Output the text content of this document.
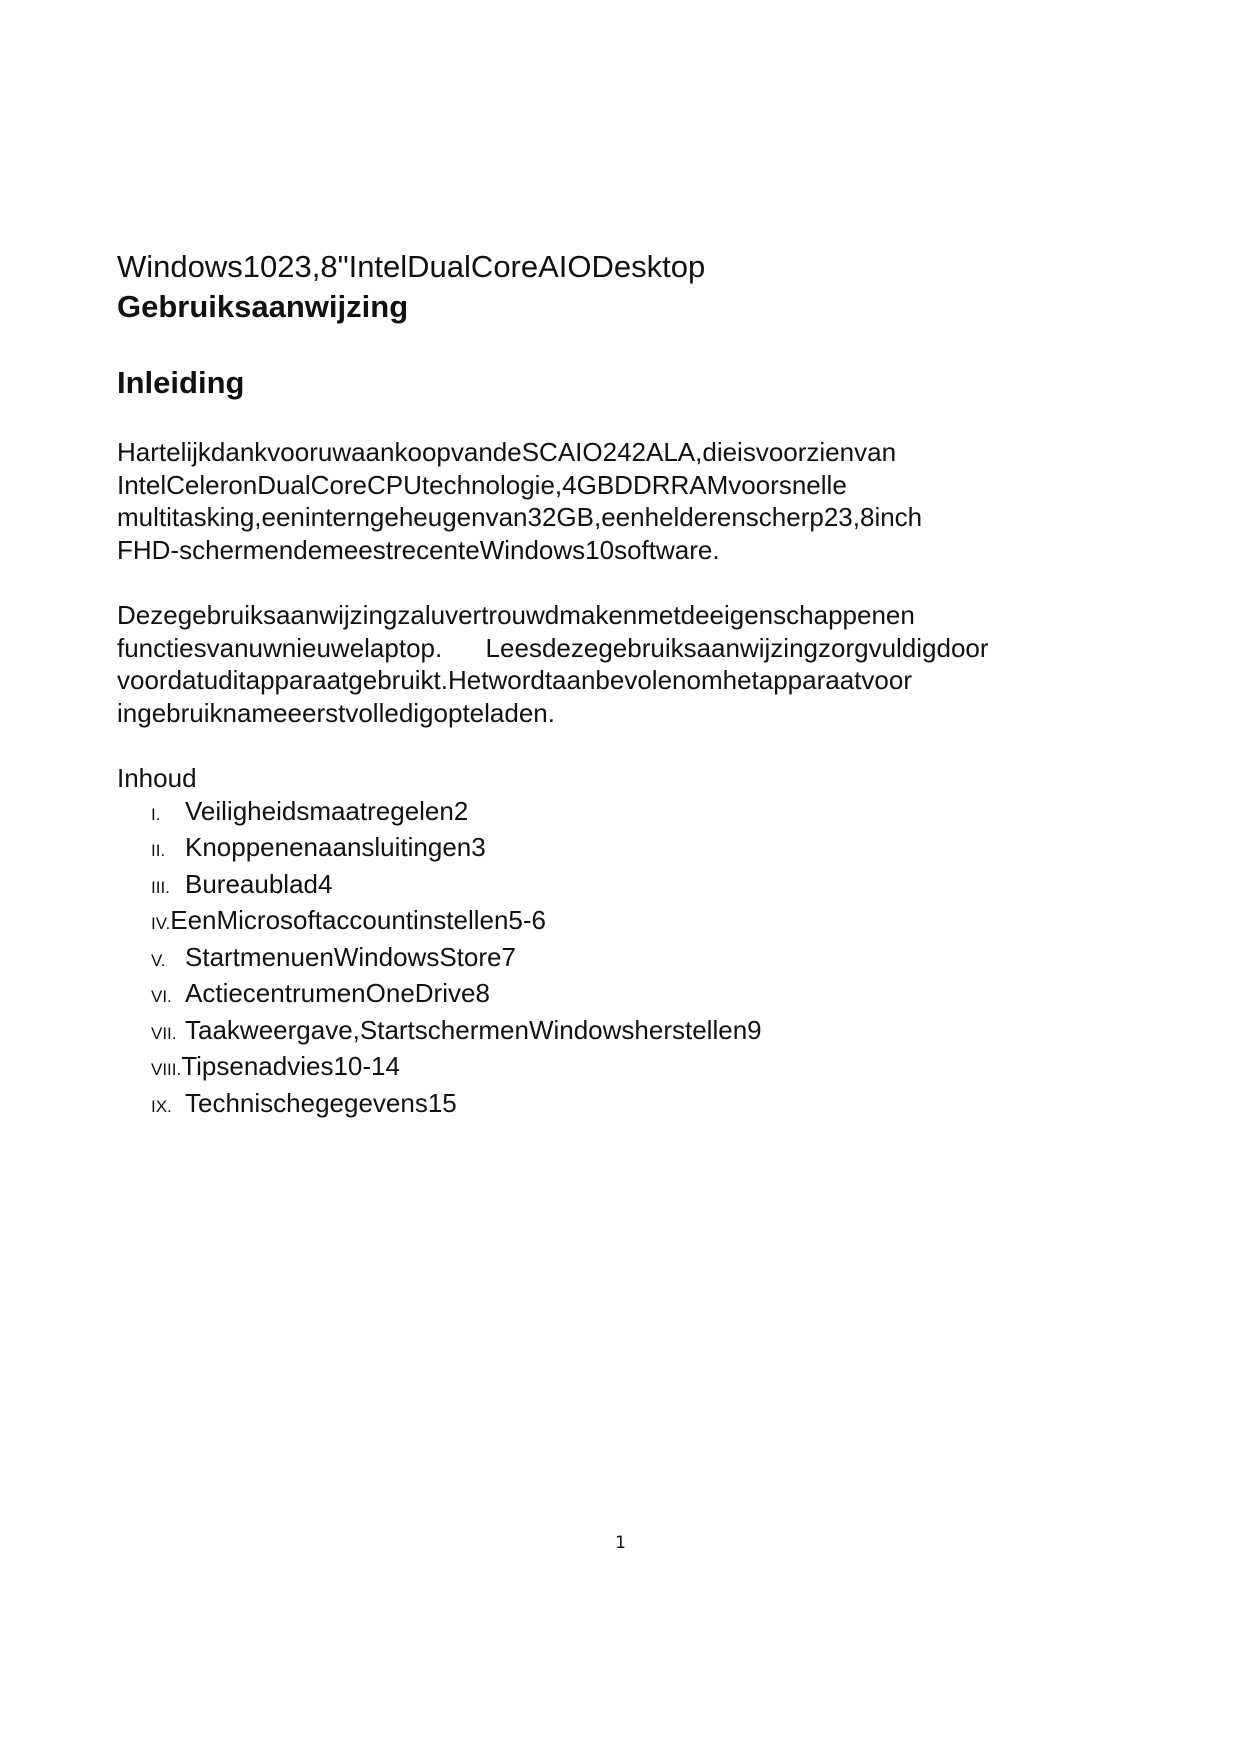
Windows1023,8"IntelDualCoreAIODesktop
Gebruiksaanwijzing
Inleiding

HartelijkdankvooruwaankoopvandeSCAIO242ALA,dieisvoorzienvan
IntelCeleronDualCoreCPUtechnologie,4GBDDRRAMvoorsnelle
multitasking,eeninterngeheugenvan32GB,eenhelderenscherp23,8inch
FHD-schermendemeestrecenteWindows10software.

Dezegebruiksaanwijzingzaluvertrouwdmakenmetdeeigenschappenen
functiesvanuwnieuwelaptop.      Leesdezegebruiksaanwijzingzorgvuldigdoor
voordatuditapparaatgebruikt.Hetwordtaanbevolenomhetapparaatvoor
ingebruiknameeerstvolledigopteladen.

Inhoud
I. Veiligheidsmaatregelen2
II. Knoppenenaansluitingen3
III. Bureaublad4
IV.EenMicrosoftaccountinstellen5-6
V. StartmenuenWindowsStore7
VI. ActiecentrumenOneDrive8
VII. Taakweergave,StartschermenWindowsherstellen9
VIII.Tipsenadvies10-14
IX. Technischegegevens15
1
